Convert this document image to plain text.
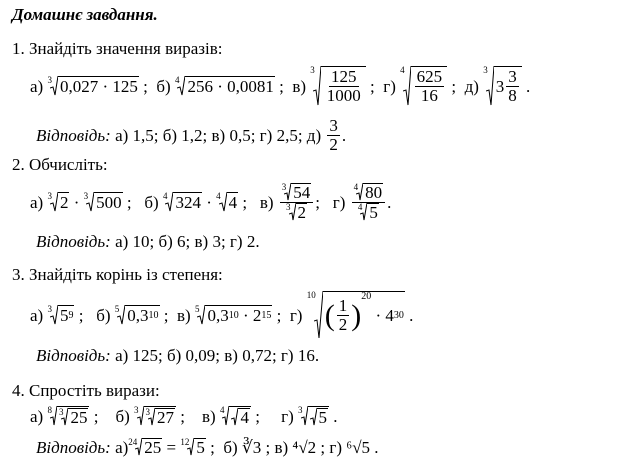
Домашнє завдання.
1. Знайдіть значення виразів:
а) 3 0,027 · 125 ;  б) 4 256 · 0,0081 ;  в)
$3 \frac{125}{1000}$ ;  г)
$4 \frac{625}{16}$ ;  д)
3
$3 \frac{3}{8}$ .
Відповідь:
а) 1,5; б) 1,2; в) 0,5; г) 2,5; д)
$\frac{3}{2}$ .
2. Обчисліть:
а) 3 2 · 3 500 ;   б) 4 324 · 4 4 ;   $в) \frac{3 54}{3 2}$ ;   $г) \frac{4 80}{4 5}$ .
Відповідь: а) 10; б) 6; в) 3; г) 2.
3. Знайдіть корінь із степеня:
а) 3 5 9 ;   б) 5 0,3 10 ;  в) 5 0,3 10 · 2 15 ;  г)
10
( $\frac{1}{2}$ )
$^{20}$
· 4 30 .
Відповідь: а) 125; б) 0,09; в) 0,72; г) 16.
4. Спростіть вирази:
а) 8 3 25 ;    б) 3 3 27 ;    в) 4 4 ;     г) 3 5 .
Відповідь:
а) 24 25 = 12 5 ; б) ∛3 ; в) ⁴√2 ; г) ⁶√5 .
